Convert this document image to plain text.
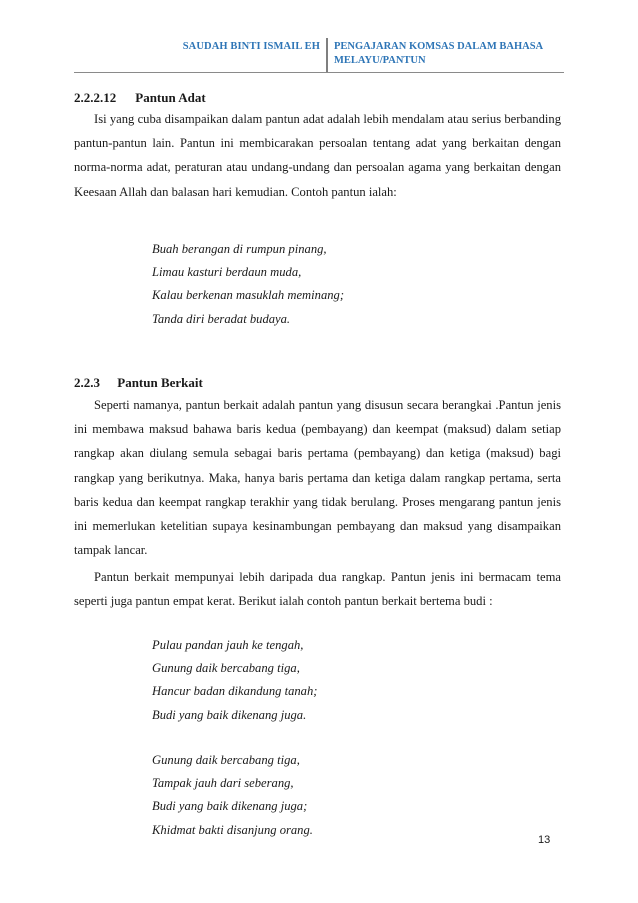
SAUDAH BINTI ISMAIL EH PENGAJARAN KOMSAS DALAM BAHASA
MELAYU/PANTUN
2.2.2.12 Pantun Adat

Isi yang cuba disampaikan dalam pantun adat adalah lebih mendalam atau serius berbanding pantun-pantun lain. Pantun ini membicarakan persoalan tentang adat yang berkaitan dengan norma-norma adat, peraturan atau undang-undang dan persoalan agama yang berkaitan dengan Keesaan Allah dan balasan hari kemudian. Contoh pantun ialah:

Buah berangan di rumpun pinang,
Limau kasturi berdaun muda,
Kalau berkenan masuklah meminang;
Tanda diri beradat budaya.
2.2.3 Pantun Berkait

Seperti namanya, pantun berkait adalah pantun yang disusun secara berangkai .Pantun jenis ini membawa maksud bahawa baris kedua (pembayang) dan keempat (maksud) dalam setiap rangkap akan diulang semula sebagai baris pertama (pembayang) dan ketiga (maksud) bagi rangkap yang berikutnya. Maka, hanya baris pertama dan ketiga dalam rangkap pertama, serta baris kedua dan keempat rangkap terakhir yang tidak berulang. Proses mengarang pantun jenis ini memerlukan ketelitian supaya kesinambungan pembayang dan maksud yang disampaikan tampak lancar.

Pantun berkait mempunyai lebih daripada dua rangkap. Pantun jenis ini bermacam tema seperti juga pantun empat kerat. Berikut ialah contoh pantun berkait bertema budi :

Pulau pandan jauh ke tengah,
Gunung daik bercabang tiga,
Hancur badan dikandung tanah;
Budi yang baik dikenang juga.
Gunung daik bercabang tiga,
Tampak jauh dari seberang,
Budi yang baik dikenang juga;
Khidmat bakti disanjung orang.
13
